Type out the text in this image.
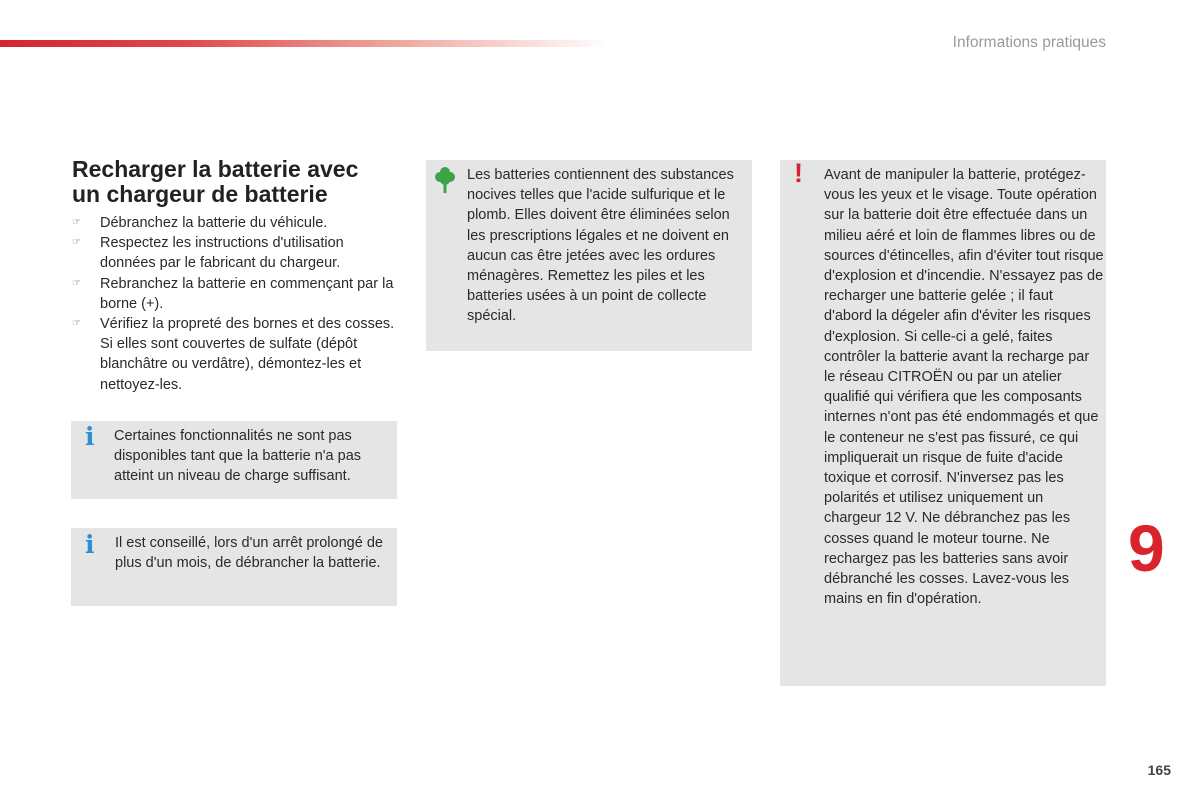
Informations pratiques
Recharger la batterie avec
un chargeur de batterie
☞ Débranchez la batterie du véhicule.
☞ Respectez les instructions d'utilisation données par le fabricant du chargeur.
☞ Rebranchez la batterie en commençant par la borne (+).
☞ Vérifiez la propreté des bornes et des cosses. Si elles sont couvertes de sulfate (dépôt blanchâtre ou verdâtre), démontez-les et nettoyez-les.
i Certaines fonctionnalités ne sont pas disponibles tant que la batterie n'a pas atteint un niveau de charge suffisant.
i Il est conseillé, lors d'un arrêt prolongé de plus d'un mois, de débrancher la batterie.
Les batteries contiennent des substances nocives telles que l'acide sulfurique et le plomb. Elles doivent être éliminées selon les prescriptions légales et ne doivent en aucun cas être jetées avec les ordures ménagères. Remettez les piles et les batteries usées à un point de collecte spécial.
! Avant de manipuler la batterie, protégez-vous les yeux et le visage. Toute opération sur la batterie doit être effectuée dans un milieu aéré et loin de flammes libres ou de sources d'étincelles, afin d'éviter tout risque d'explosion et d'incendie. N'essayez pas de recharger une batterie gelée ; il faut d'abord la dégeler afin d'éviter les risques d'explosion. Si celle-ci a gelé, faites contrôler la batterie avant la recharge par le réseau CITROËN ou par un atelier qualifié qui vérifiera que les composants internes n'ont pas été endommagés et que le conteneur ne s'est pas fissuré, ce qui impliquerait un risque de fuite d'acide toxique et corrosif. N'inversez pas les polarités et utilisez uniquement un chargeur 12 V. Ne débranchez pas les cosses quand le moteur tourne. Ne rechargez pas les batteries sans avoir débranché les cosses. Lavez-vous les mains en fin d'opération.
9
165
